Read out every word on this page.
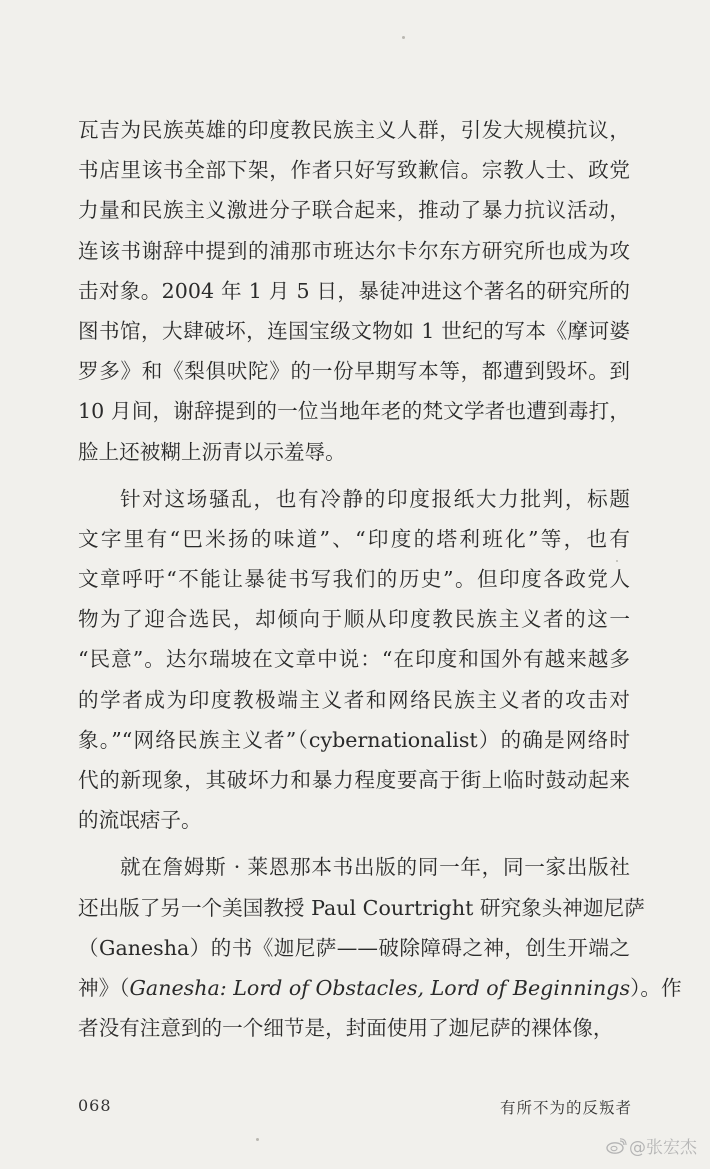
瓦吉为民族英雄的印度教民族主义人群，引发大规模抗议，
书店里该书全部下架，作者只好写致歉信。宗教人士、政党
力量和民族主义激进分子联合起来，推动了暴力抗议活动，
连该书谢辞中提到的浦那市班达尔卡尔东方研究所也成为攻
击对象。2004 年 1 月 5 日，暴徒冲进这个著名的研究所的
图书馆，大肆破坏，连国宝级文物如 1 世纪的写本《摩诃婆
罗多》和《梨俱吠陀》的一份早期写本等，都遭到毁坏。到
10 月间，谢辞提到的一位当地年老的梵文学者也遭到毒打，
脸上还被糊上沥青以示羞辱。
针对这场骚乱，也有冷静的印度报纸大力批判，标题
文字里有“巴米扬的味道”、“印度的塔利班化”等，也有
文章呼吁“不能让暴徒书写我们的历史”。但印度各政党人
物为了迎合选民，却倾向于顺从印度教民族主义者的这一
“民意”。达尔瑞坡在文章中说：“在印度和国外有越来越多
的学者成为印度教极端主义者和网络民族主义者的攻击对
象。”“网络民族主义者”（cybernationalist）的确是网络时
代的新现象，其破坏力和暴力程度要高于街上临时鼓动起来
的流氓痞子。
就在詹姆斯 · 莱恩那本书出版的同一年，同一家出版社
还出版了另一个美国教授 Paul Courtright 研究象头神迦尼萨
（Ganesha）的书《迦尼萨——破除障碍之神，创生开端之
神》（Ganesha: Lord of Obstacles, Lord of Beginnings）。作
者没有注意到的一个细节是，封面使用了迦尼萨的裸体像，
068	有所不为的反叛者
@张宏杰
